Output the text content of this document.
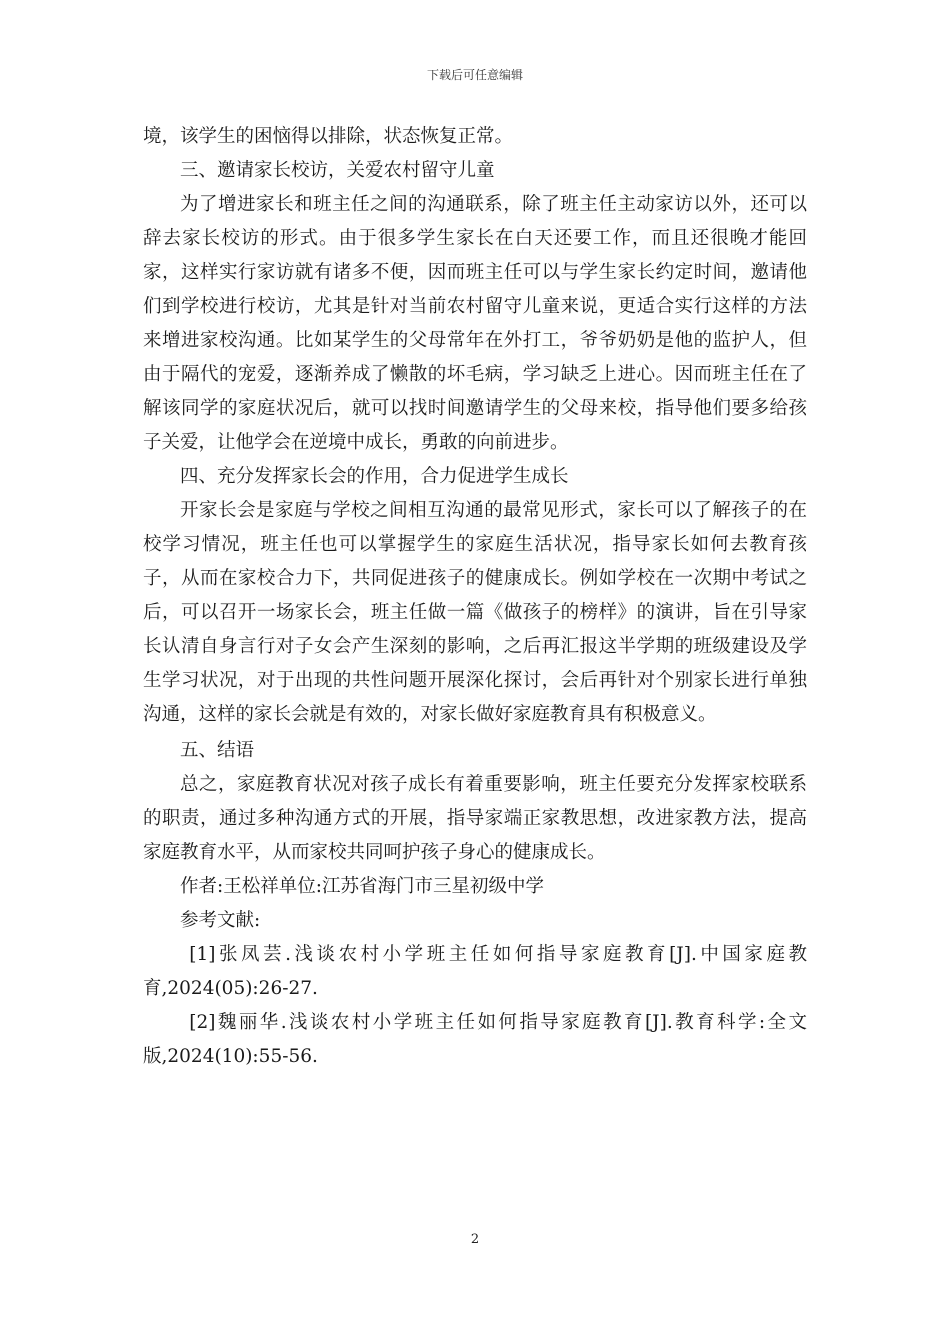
下载后可任意编辑

境，该学生的困恼得以排除，状态恢复正常。

三、邀请家长校访，关爱农村留守儿童

为了增进家长和班主任之间的沟通联系，除了班主任主动家访以外，还可以辞去家长校访的形式。由于很多学生家长在白天还要工作，而且还很晚才能回家，这样实行家访就有诸多不便，因而班主任可以与学生家长约定时间，邀请他们到学校进行校访，尤其是针对当前农村留守儿童来说，更适合实行这样的方法来增进家校沟通。比如某学生的父母常年在外打工，爷爷奶奶是他的监护人，但由于隔代的宠爱，逐渐养成了懒散的坏毛病，学习缺乏上进心。因而班主任在了解该同学的家庭状况后，就可以找时间邀请学生的父母来校，指导他们要多给孩子关爱，让他学会在逆境中成长，勇敢的向前进步。

四、充分发挥家长会的作用，合力促进学生成长

开家长会是家庭与学校之间相互沟通的最常见形式，家长可以了解孩子的在校学习情况，班主任也可以掌握学生的家庭生活状况，指导家长如何去教育孩子，从而在家校合力下，共同促进孩子的健康成长。例如学校在一次期中考试之后，可以召开一场家长会，班主任做一篇《做孩子的榜样》的演讲，旨在引导家长认清自身言行对子女会产生深刻的影响，之后再汇报这半学期的班级建设及学生学习状况，对于出现的共性问题开展深化探讨，会后再针对个别家长进行单独沟通，这样的家长会就是有效的，对家长做好家庭教育具有积极意义。

五、结语

总之，家庭教育状况对孩子成长有着重要影响，班主任要充分发挥家校联系的职责，通过多种沟通方式的开展，指导家端正家教思想，改进家教方法，提高家庭教育水平，从而家校共同呵护孩子身心的健康成长。

作者:王松祥单位:江苏省海门市三星初级中学

参考文献:

[1]张凤芸.浅谈农村小学班主任如何指导家庭教育[J].中国家庭教育,2024(05):26-27.

[2]魏丽华.浅谈农村小学班主任如何指导家庭教育[J].教育科学:全文版,2024(10):55-56.

2
